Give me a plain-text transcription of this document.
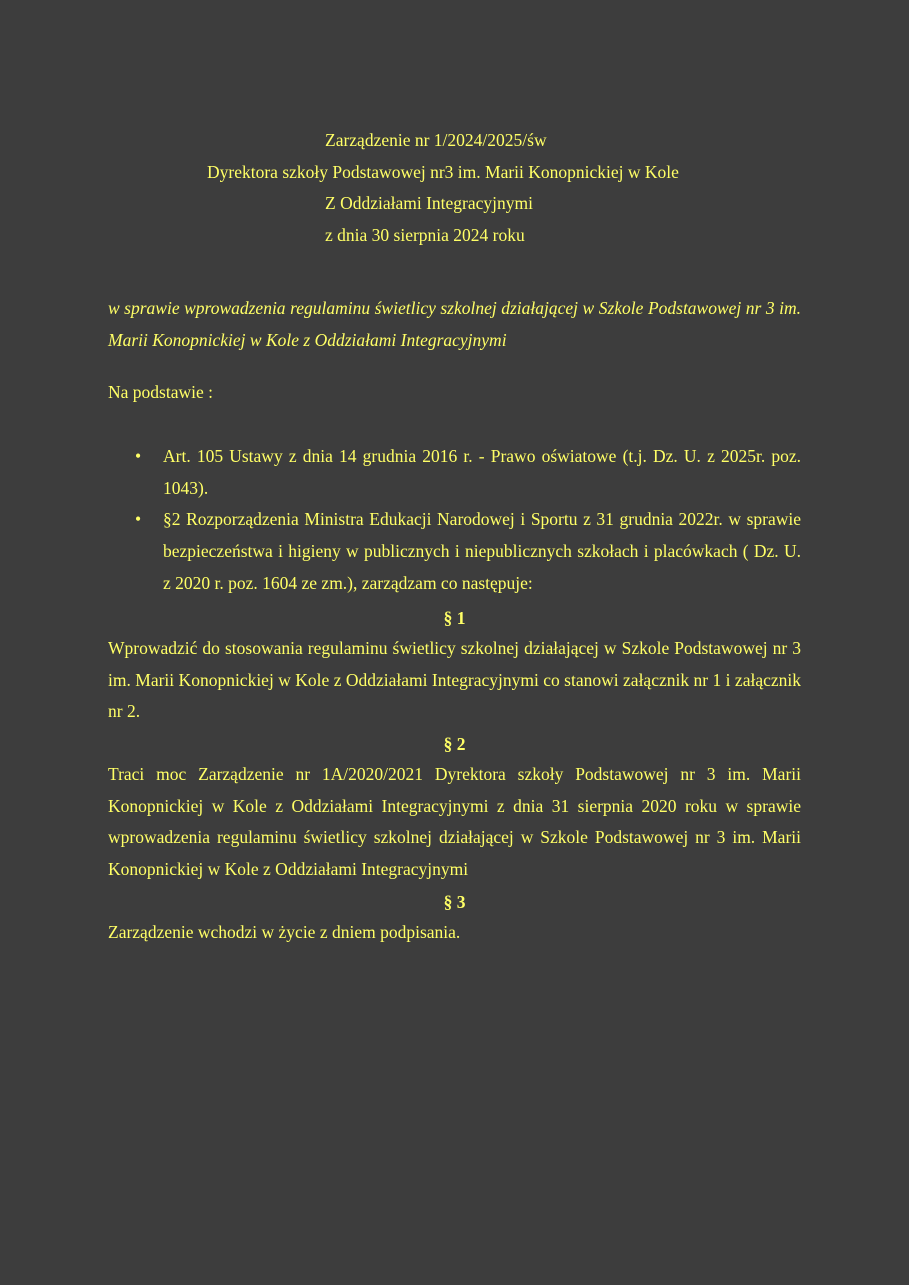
Zarządzenie nr 1/2024/2025/św
Dyrektora szkoły Podstawowej nr3 im. Marii Konopnickiej w Kole
Z Oddziałami Integracyjnymi
z dnia 30 sierpnia 2024 roku
w sprawie wprowadzenia regulaminu świetlicy szkolnej działającej w Szkole Podstawowej nr 3 im. Marii Konopnickiej w Kole z Oddziałami Integracyjnymi
Na podstawie :
• Art. 105 Ustawy z dnia 14 grudnia 2016 r. - Prawo oświatowe (t.j. Dz. U. z 2025r. poz. 1043).
• §2 Rozporządzenia Ministra Edukacji Narodowej i Sportu z 31 grudnia 2022r. w sprawie bezpieczeństwa i higieny w publicznych i niepublicznych szkołach i placówkach ( Dz. U. z 2020 r. poz. 1604 ze zm.), zarządzam co następuje:
§ 1
Wprowadzić do stosowania regulaminu świetlicy szkolnej działającej w Szkole Podstawowej nr 3 im. Marii Konopnickiej w Kole z Oddziałami Integracyjnymi co stanowi załącznik nr 1 i załącznik nr 2.
§ 2
Traci moc Zarządzenie nr 1A/2020/2021 Dyrektora szkoły Podstawowej nr 3 im. Marii Konopnickiej w Kole z Oddziałami Integracyjnymi z dnia 31 sierpnia 2020 roku w sprawie wprowadzenia regulaminu świetlicy szkolnej działającej w Szkole Podstawowej nr 3 im. Marii Konopnickiej w Kole z Oddziałami Integracyjnymi
§ 3
Zarządzenie wchodzi w życie z dniem podpisania.
